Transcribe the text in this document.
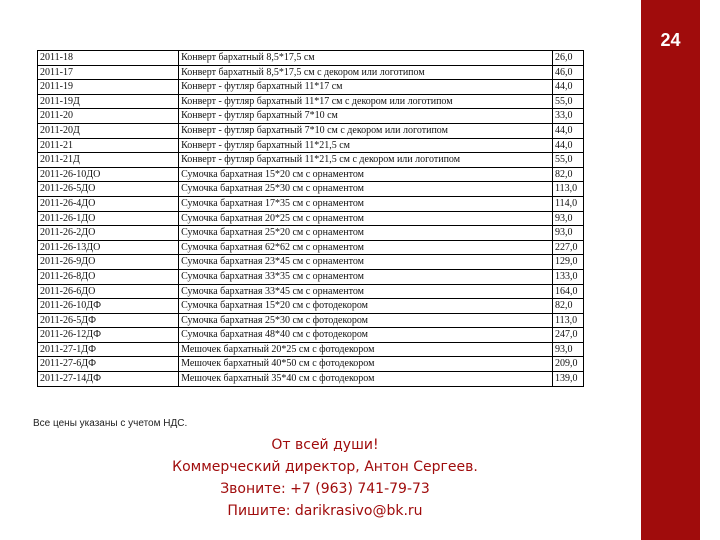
24
2011-18	Конверт бархатный 8,5*17,5 см	26,0
2011-17	Конверт бархатный 8,5*17,5 см с декором или логотипом	46,0
2011-19	Конверт - футляр бархатный 11*17 см	44,0
2011-19Д	Конверт - футляр бархатный 11*17 см с декором или логотипом	55,0
2011-20	Конверт - футляр бархатный 7*10 см	33,0
2011-20Д	Конверт - футляр бархатный 7*10 см с декором или логотипом	44,0
2011-21	Конверт - футляр бархатный 11*21,5 см	44,0
2011-21Д	Конверт - футляр бархатный 11*21,5 см с декором или логотипом	55,0
2011-26-10ДО	Сумочка бархатная 15*20 см с орнаментом	82,0
2011-26-5ДО	Сумочка бархатная 25*30 см с орнаментом	113,0
2011-26-4ДО	Сумочка бархатная 17*35 см с орнаментом	114,0
2011-26-1ДО	Сумочка бархатная 20*25 см с орнаментом	93,0
2011-26-2ДО	Сумочка бархатная 25*20 см с орнаментом	93,0
2011-26-13ДО	Сумочка бархатная 62*62 см с орнаментом	227,0
2011-26-9ДО	Сумочка бархатная 23*45 см с орнаментом	129,0
2011-26-8ДО	Сумочка бархатная 33*35 см с орнаментом	133,0
2011-26-6ДО	Сумочка бархатная 33*45 см с орнаментом	164,0
2011-26-10ДФ	Сумочка бархатная 15*20 см с фотодекором	82,0
2011-26-5ДФ	Сумочка бархатная 25*30 см с фотодекором	113,0
2011-26-12ДФ	Сумочка бархатная 48*40 см с фотодекором	247,0
2011-27-1ДФ	Мешочек бархатный 20*25 см с фотодекором	93,0
2011-27-6ДФ	Мешочек бархатный 40*50 см с фотодекором	209,0
2011-27-14ДФ	Мешочек бархатный 35*40 см с фотодекором	139,0
Все цены указаны с учетом НДС.
От всей души!
Коммерческий директор, Антон Сергеев.
Звоните: +7 (963) 741-79-73
Пишите: darikrasivo@bk.ru
